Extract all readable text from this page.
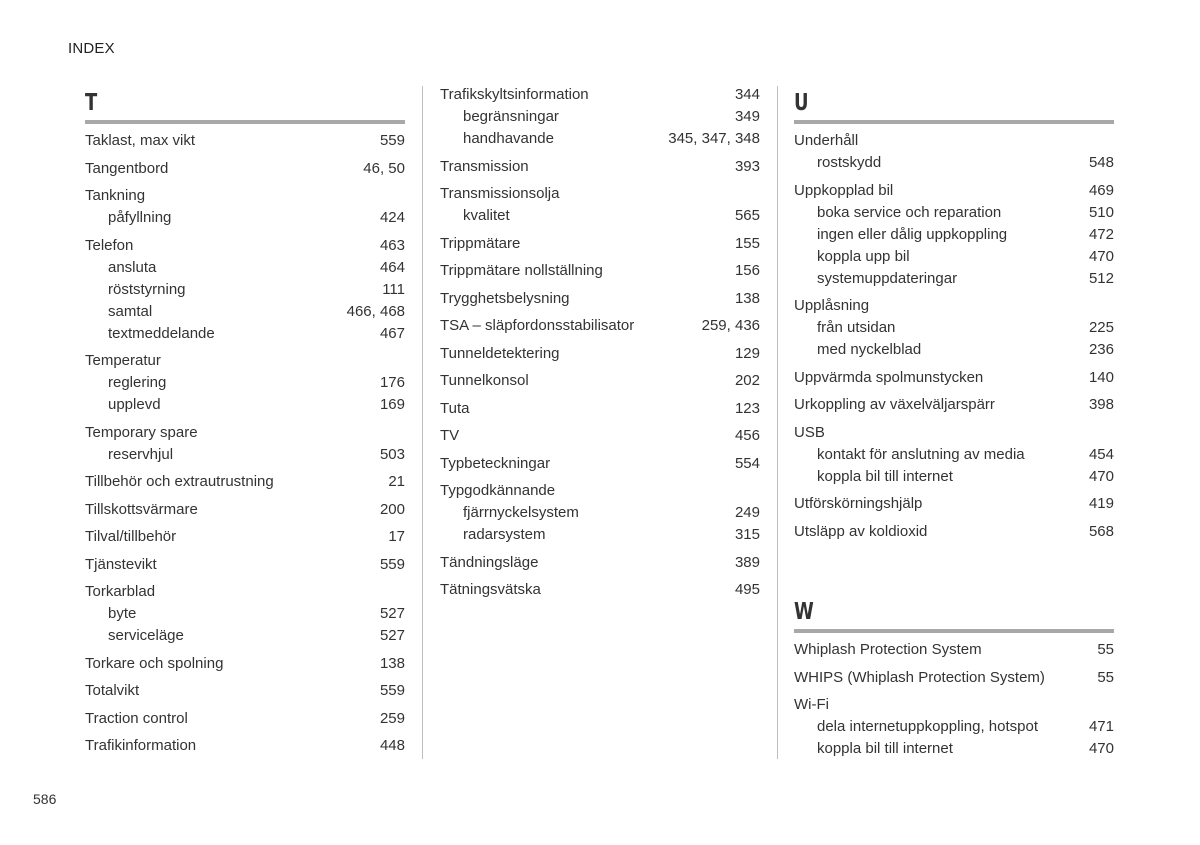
INDEX
T
Taklast, max vikt	559
Tangentbord	46, 50
Tankning
påfyllning	424
Telefon	463
ansluta	464
röststyrning	111
samtal	466, 468
textmeddelande	467
Temperatur
reglering	176
upplevd	169
Temporary spare
reservhjul	503
Tillbehör och extrautrustning	21
Tillskottsvärmare	200
Tilval/tillbehör	17
Tjänstevikt	559
Torkarblad
byte	527
serviceläge	527
Torkare och spolning	138
Totalvikt	559
Traction control	259
Trafikinformation	448
Trafikskyltsinformation	344
begränsningar	349
handhavande	345, 347, 348
Transmission	393
Transmissionsolja
kvalitet	565
Trippmätare	155
Trippmätare nollställning	156
Trygghetsbelysning	138
TSA – släpfordonsstabilisator	259, 436
Tunneldetektering	129
Tunnelkonsol	202
Tuta	123
TV	456
Typbeteckningar	554
Typgodkännande
fjärrnyckelsystem	249
radarsystem	315
Tändningsläge	389
Tätningsvätska	495
U
Underhåll
rostskydd	548
Uppkopplad bil	469
boka service och reparation	510
ingen eller dålig uppkoppling	472
koppla upp bil	470
systemuppdateringar	512
Upplåsning
från utsidan	225
med nyckelblad	236
Uppvärmda spolmunstycken	140
Urkoppling av växelväljarspärr	398
USB
kontakt för anslutning av media	454
koppla bil till internet	470
Utförskörningshjälp	419
Utsläpp av koldioxid	568
W
Whiplash Protection System	55
WHIPS (Whiplash Protection System)	55
Wi-Fi
dela internetuppkoppling, hotspot	471
koppla bil till internet	470
586
